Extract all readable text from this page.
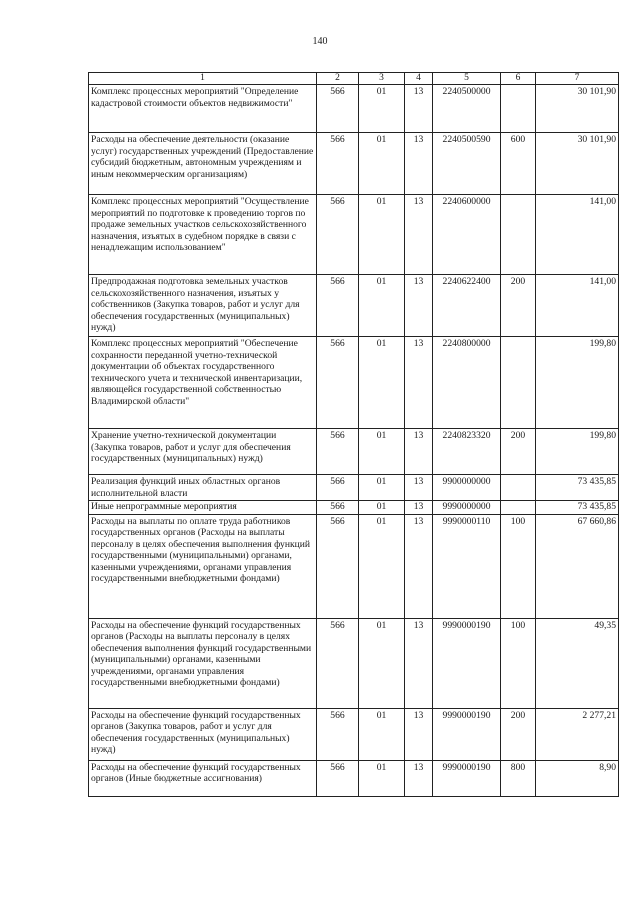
140
1	2	3	4	5	6	7
Комплекс процессных мероприятий "Определение кадастровой стоимости объектов недвижимости"	566	01	13	2240500000		30 101,90
Расходы на обеспечение деятельности (оказание услуг) государственных учреждений (Предоставление субсидий бюджетным, автономным учреждениям и иным некоммерческим организациям)	566	01	13	2240500590	600	30 101,90
Комплекс процессных мероприятий "Осуществление мероприятий по подготовке к проведению торгов по продаже земельных участков сельскохозяйственного назначения, изъятых в судебном порядке в связи с ненадлежащим использованием"	566	01	13	2240600000		141,00
Предпродажная подготовка земельных участков сельскохозяйственного назначения, изъятых у собственников (Закупка товаров, работ и услуг для обеспечения государственных (муниципальных) нужд)	566	01	13	2240622400	200	141,00
Комплекс процессных мероприятий "Обеспечение сохранности переданной учетно-технической документации об объектах государственного технического учета и технической инвентаризации, являющейся государственной собственностью Владимирской области"	566	01	13	2240800000		199,80
Хранение учетно-технической документации (Закупка товаров, работ и услуг для обеспечения государственных (муниципальных) нужд)	566	01	13	2240823320	200	199,80
Реализация функций иных областных органов исполнительной власти	566	01	13	9900000000		73 435,85
Иные непрограммные мероприятия	566	01	13	9990000000		73 435,85
Расходы на выплаты по оплате труда работников государственных органов (Расходы на выплаты персоналу в целях обеспечения выполнения функций государственными (муниципальными) органами, казенными учреждениями, органами управления государственными внебюджетными фондами)	566	01	13	9990000110	100	67 660,86
Расходы на обеспечение функций государственных органов (Расходы на выплаты персоналу в целях обеспечения выполнения функций государственными (муниципальными) органами, казенными учреждениями, органами управления государственными внебюджетными фондами)	566	01	13	9990000190	100	49,35
Расходы на обеспечение функций государственных органов (Закупка товаров, работ и услуг для обеспечения государственных (муниципальных) нужд)	566	01	13	9990000190	200	2 277,21
Расходы на обеспечение функций государственных органов (Иные бюджетные ассигнования)	566	01	13	9990000190	800	8,90
